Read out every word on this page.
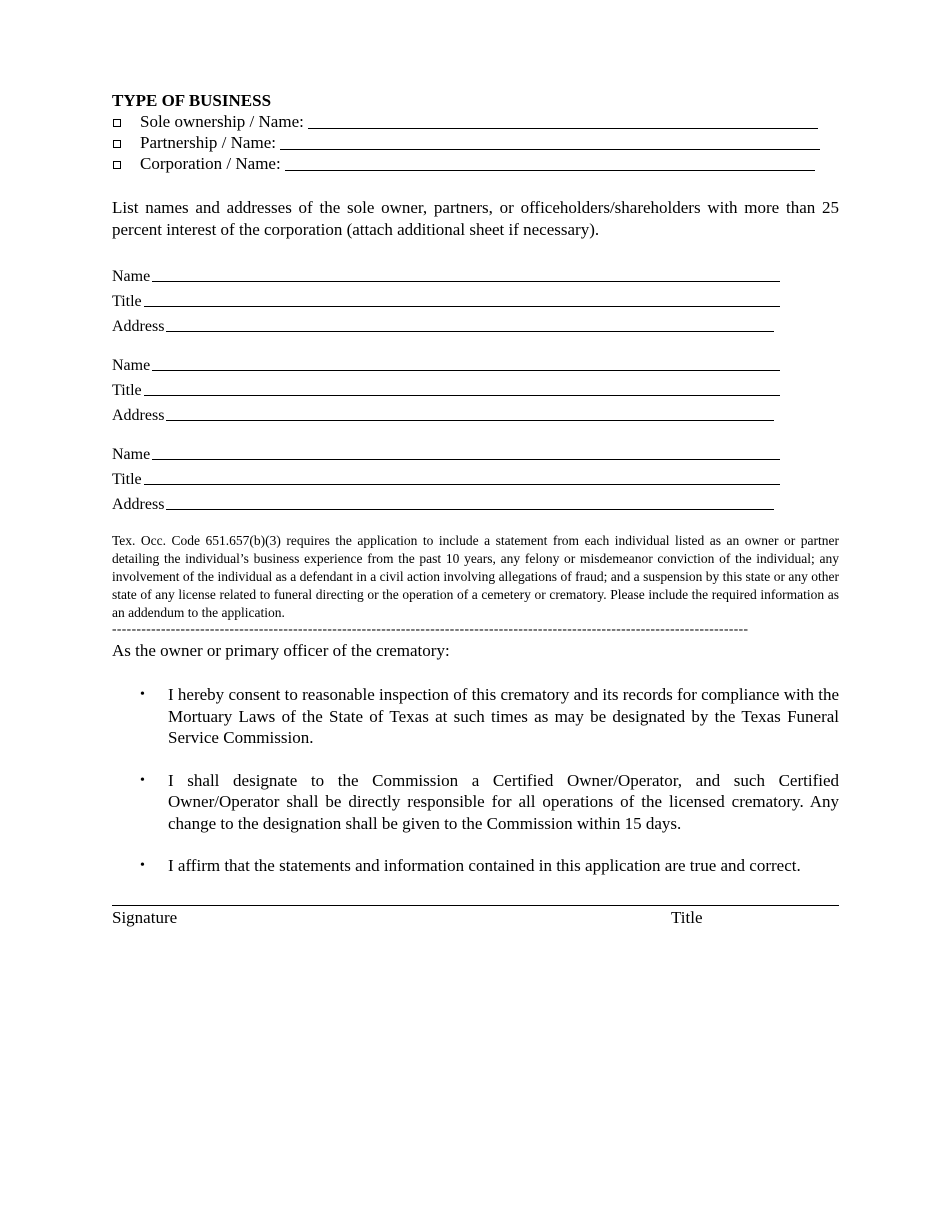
TYPE OF BUSINESS
Sole ownership / Name:
Partnership / Name:
Corporation / Name:

List names and addresses of the sole owner, partners, or officeholders/shareholders with more than 25 percent interest of the corporation (attach additional sheet if necessary).

Name
Title
Address
Name
Title
Address
Name
Title
Address

Tex. Occ. Code 651.657(b)(3) requires the application to include a statement from each individual listed as an owner or partner detailing the individual’s business experience from the past 10 years, any felony or misdemeanor conviction of the individual; any involvement of the individual as a defendant in a civil action involving allegations of fraud; and a suspension by this state or any other state of any license related to funeral directing or the operation of a cemetery or crematory. Please include the required information as an addendum to the application.

----------------------------------------------------------------------------------------------------------------------------------

As the owner or primary officer of the crematory:

• I hereby consent to reasonable inspection of this crematory and its records for compliance with the Mortuary Laws of the State of Texas at such times as may be designated by the Texas Funeral Service Commission.
• I shall designate to the Commission a Certified Owner/Operator, and such Certified Owner/Operator shall be directly responsible for all operations of the licensed crematory. Any change to the designation shall be given to the Commission within 15 days.
• I affirm that the statements and information contained in this application are true and correct.
Signature	Title
